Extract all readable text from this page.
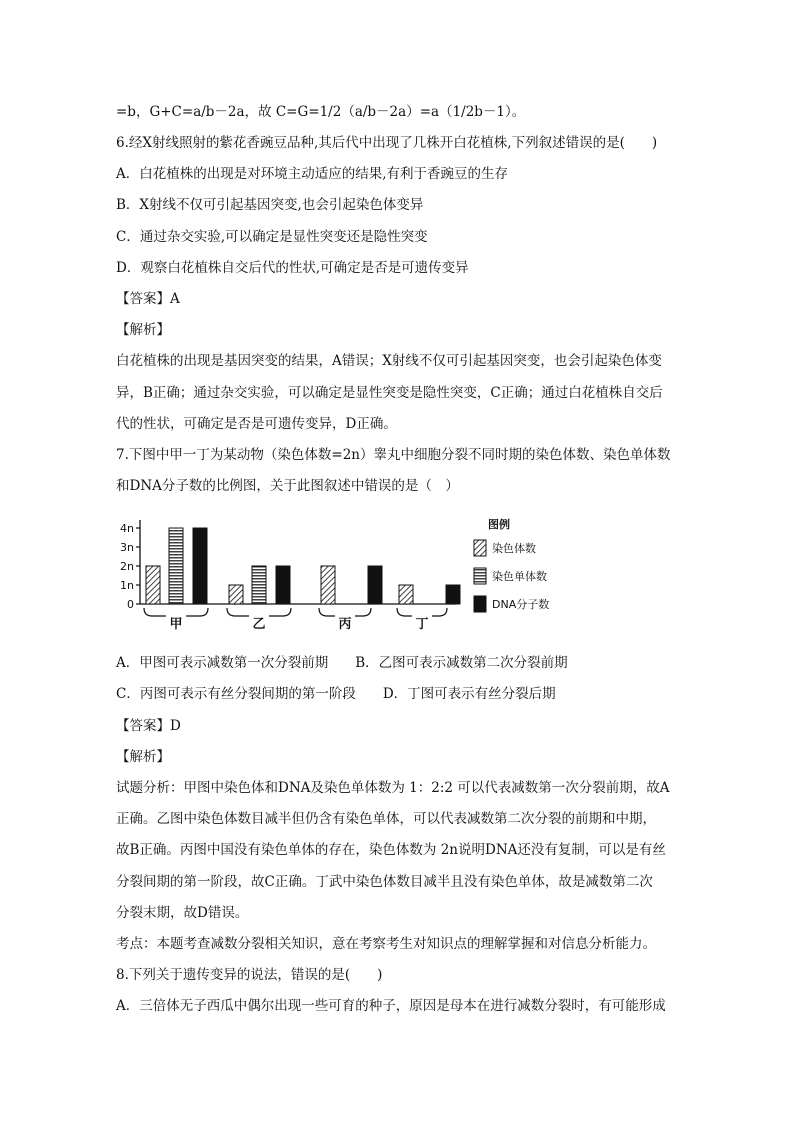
=b，G+C=a/b－2a，故 C=G=1/2（a/b－2a）=a（1/2b－1）。
6.经X射线照射的紫花香豌豆品种,其后代中出现了几株开白花植株,下列叙述错误的是(　　)
A．白花植株的出现是对环境主动适应的结果,有利于香豌豆的生存
B．X射线不仅可引起基因突变,也会引起染色体变异
C．通过杂交实验,可以确定是显性突变还是隐性突变
D．观察白花植株自交后代的性状,可确定是否是可遗传变异
【答案】A
【解析】
白花植株的出现是基因突变的结果，A错误；X射线不仅可引起基因突变，也会引起染色体变
异，B正确；通过杂交实验，可以确定是显性突变是隐性突变，C正确；通过白花植株自交后
代的性状，可确定是否是可遗传变异，D正确。
7.下图中甲一丁为某动物（染色体数=2n）睾丸中细胞分裂不同时期的染色体数、染色单体数
和DNA分子数的比例图，关于此图叙述中错误的是（　）
0
1n
2n
3n
4n
甲	乙	丙	丁
图例
染色体数
染色单体数
DNA分子数
A．甲图可表示减数第一次分裂前期　　B．乙图可表示减数第二次分裂前期
C．丙图可表示有丝分裂间期的第一阶段　　D．丁图可表示有丝分裂后期
【答案】D
【解析】
试题分析：甲图中染色体和DNA及染色单体数为 1：2:2 可以代表减数第一次分裂前期，故A
正确。乙图中染色体数目减半但仍含有染色单体，可以代表减数第二次分裂的前期和中期，
故B正确。丙图中国没有染色单体的存在，染色体数为 2n说明DNA还没有复制，可以是有丝
分裂间期的第一阶段，故C正确。丁武中染色体数目减半且没有染色单体，故是减数第二次
分裂末期，故D错误。
考点：本题考查减数分裂相关知识，意在考察考生对知识点的理解掌握和对信息分析能力。
8.下列关于遗传变异的说法，错误的是(　　)
A．三倍体无子西瓜中偶尔出现一些可育的种子，原因是母本在进行减数分裂时，有可能形成
